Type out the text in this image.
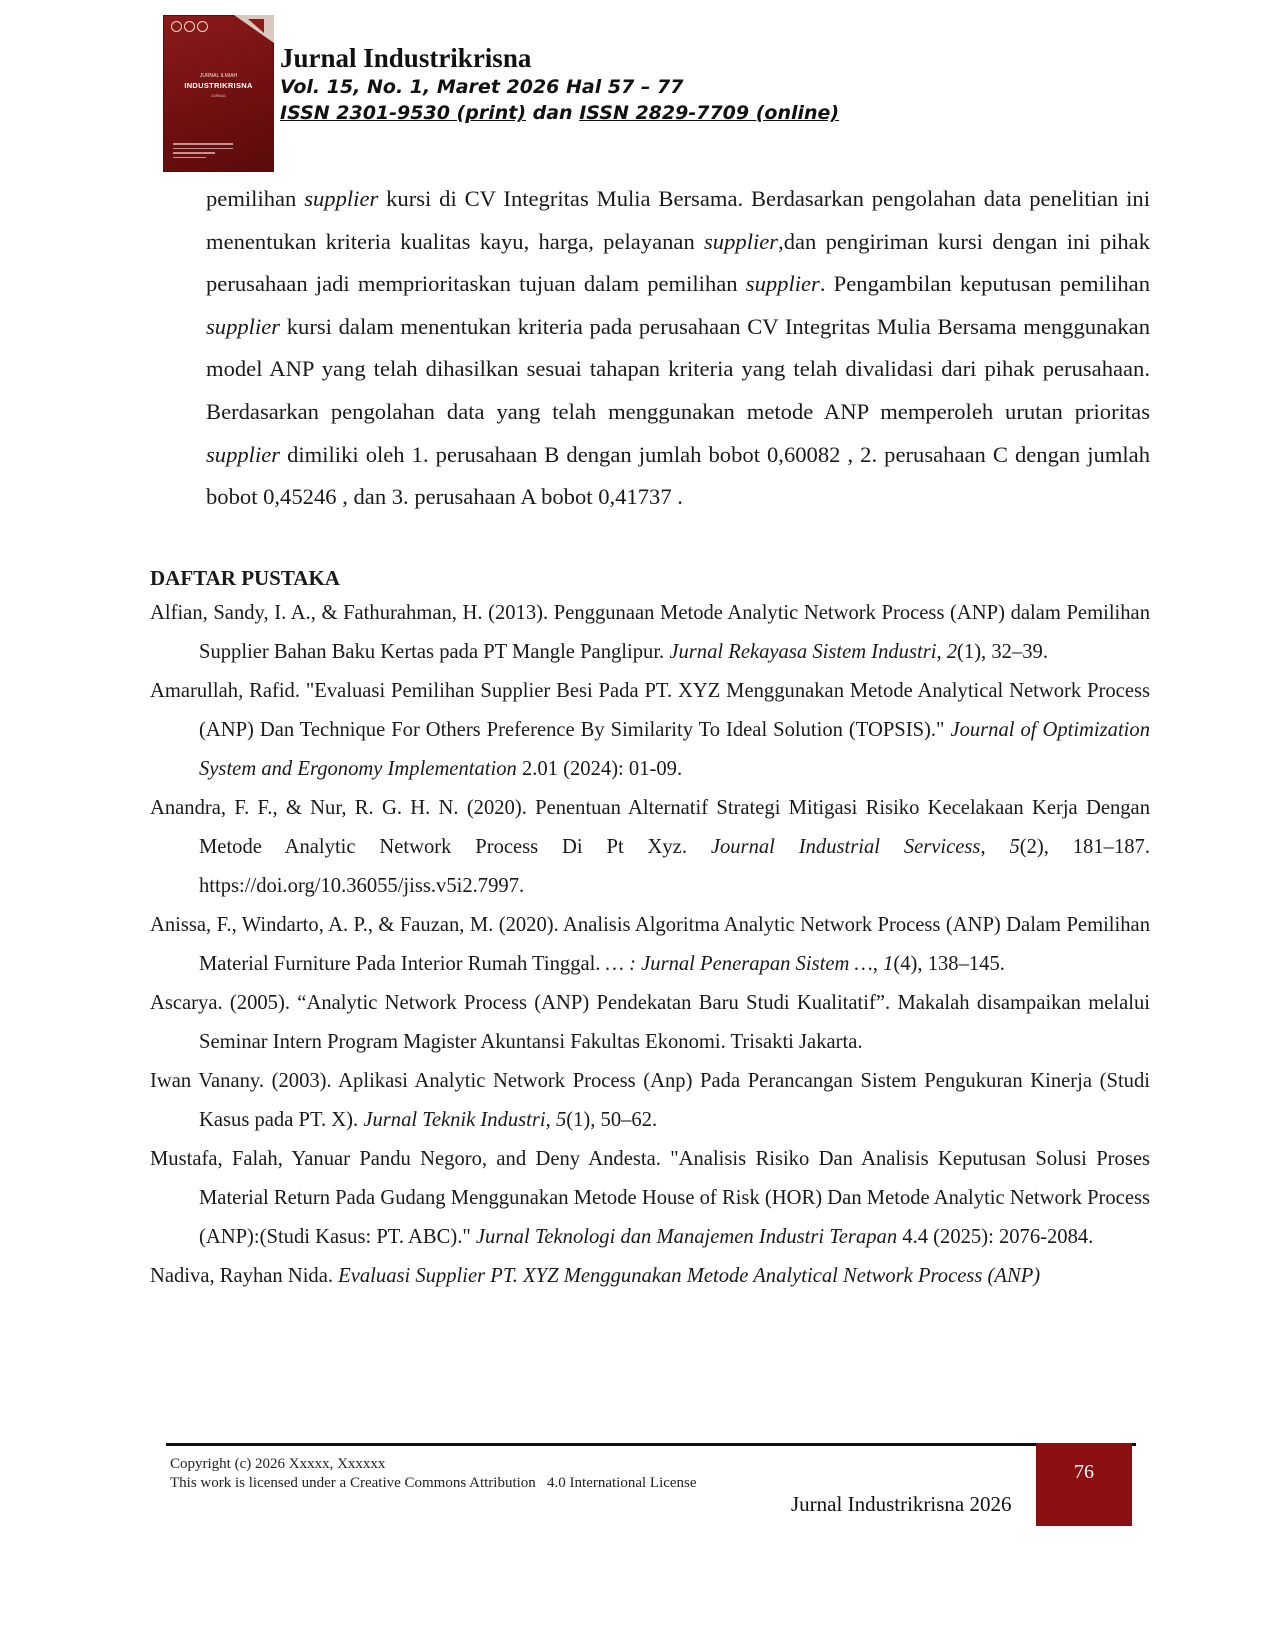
JURNAL ILMIAH
INDUSTRIKRISNA
JURNAL
Jurnal Industrikrisna
Vol. 15, No. 1, Maret 2026 Hal 57 – 77
ISSN 2301-9530 (print) dan ISSN 2829-7709 (online)
pemilihan supplier kursi di CV Integritas Mulia Bersama. Berdasarkan pengolahan data penelitian ini menentukan kriteria kualitas kayu, harga, pelayanan supplier,dan pengiriman kursi dengan ini pihak perusahaan jadi memprioritaskan tujuan dalam pemilihan supplier. Pengambilan keputusan pemilihan supplier kursi dalam menentukan kriteria pada perusahaan CV Integritas Mulia Bersama menggunakan model ANP yang telah dihasilkan sesuai tahapan kriteria yang telah divalidasi dari pihak perusahaan. Berdasarkan pengolahan data yang telah menggunakan metode ANP memperoleh urutan prioritas supplier dimiliki oleh 1. perusahaan B dengan jumlah bobot 0,60082 , 2. perusahaan C dengan jumlah bobot 0,45246 , dan 3. perusahaan A bobot 0,41737 .
DAFTAR PUSTAKA

Alfian, Sandy, I. A., & Fathurahman, H. (2013). Penggunaan Metode Analytic Network Process (ANP) dalam Pemilihan Supplier Bahan Baku Kertas pada PT Mangle Panglipur. Jurnal Rekayasa Sistem Industri, 2(1), 32–39.

Amarullah, Rafid. "Evaluasi Pemilihan Supplier Besi Pada PT. XYZ Menggunakan Metode Analytical Network Process (ANP) Dan Technique For Others Preference By Similarity To Ideal Solution (TOPSIS)." Journal of Optimization System and Ergonomy Implementation 2.01 (2024): 01-09.

Anandra, F. F., & Nur, R. G. H. N. (2020). Penentuan Alternatif Strategi Mitigasi Risiko Kecelakaan Kerja Dengan Metode Analytic Network Process Di Pt Xyz. Journal Industrial Servicess, 5(2), 181–187. https://doi.org/10.36055/jiss.v5i2.7997.

Anissa, F., Windarto, A. P., & Fauzan, M. (2020). Analisis Algoritma Analytic Network Process (ANP) Dalam Pemilihan Material Furniture Pada Interior Rumah Tinggal. … : Jurnal Penerapan Sistem …, 1(4), 138–145.

Ascarya. (2005). “Analytic Network Process (ANP) Pendekatan Baru Studi Kualitatif”. Makalah disampaikan melalui Seminar Intern Program Magister Akuntansi Fakultas Ekonomi. Trisakti Jakarta.

Iwan Vanany. (2003). Aplikasi Analytic Network Process (Anp) Pada Perancangan Sistem Pengukuran Kinerja (Studi Kasus pada PT. X). Jurnal Teknik Industri, 5(1), 50–62.

Mustafa, Falah, Yanuar Pandu Negoro, and Deny Andesta. "Analisis Risiko Dan Analisis Keputusan Solusi Proses Material Return Pada Gudang Menggunakan Metode House of Risk (HOR) Dan Metode Analytic Network Process (ANP):(Studi Kasus: PT. ABC)." Jurnal Teknologi dan Manajemen Industri Terapan 4.4 (2025): 2076-2084.

Nadiva, Rayhan Nida. Evaluasi Supplier PT. XYZ Menggunakan Metode Analytical Network Process (ANP)

Copyright (c) 2026 Xxxxx, Xxxxxx
This work is licensed under a Creative Commons Attribution   4.0 International License
Jurnal Industrikrisna 2026
76
